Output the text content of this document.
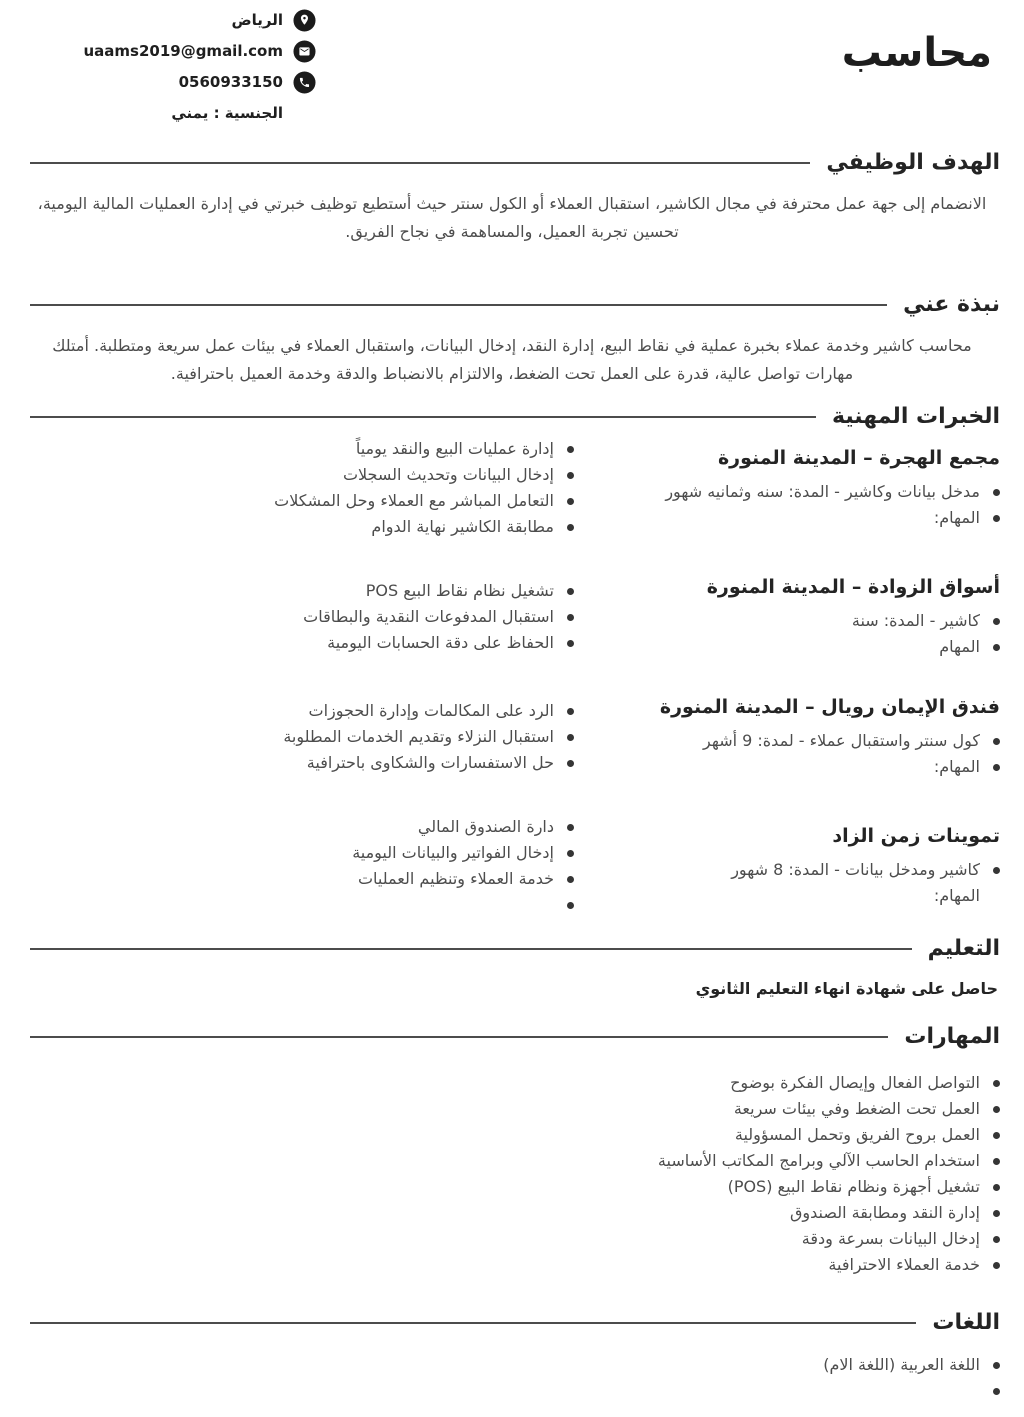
محاسب
الرياض
uaams2019@gmail.com
0560933150
الجنسية : يمني
الهدف الوظيفي

الانضمام إلى جهة عمل محترفة في مجال الكاشير، استقبال العملاء أو الكول سنتر حيث أستطيع توظيف خبرتي في إدارة العمليات المالية اليومية، تحسين تجربة العميل، والمساهمة في نجاح الفريق.

نبذة عني

محاسب كاشير وخدمة عملاء بخبرة عملية في نقاط البيع، إدارة النقد، إدخال البيانات، واستقبال العملاء في بيئات عمل سريعة ومتطلبة. أمتلك مهارات تواصل عالية، قدرة على العمل تحت الضغط، والالتزام بالانضباط والدقة وخدمة العميل باحترافية.

الخبرات المهنية
مجمع الهجرة – المدينة المنورة
مدخل بيانات وكاشير - المدة: سنه وثمانيه شهور
المهام:
إدارة عمليات البيع والنقد يومياً
إدخال البيانات وتحديث السجلات
التعامل المباشر مع العملاء وحل المشكلات
مطابقة الكاشير نهاية الدوام
أسواق الزوادة – المدينة المنورة
كاشير - المدة: سنة
المهام
تشغيل نظام نقاط البيع POS
استقبال المدفوعات النقدية والبطاقات
الحفاظ على دقة الحسابات اليومية
فندق الإيمان رويال – المدينة المنورة
كول سنتر واستقبال عملاء - لمدة: 9 أشهر
المهام:
الرد على المكالمات وإدارة الحجوزات
استقبال النزلاء وتقديم الخدمات المطلوبة
حل الاستفسارات والشكاوى باحترافية
تموينات زمن الزاد
كاشير ومدخل بيانات - المدة: 8 شهور
المهام:
دارة الصندوق المالي
إدخال الفواتير والبيانات اليومية
خدمة العملاء وتنظيم العمليات
التعليم

حاصل على شهادة انهاء التعليم الثانوي

المهارات
التواصل الفعال وإيصال الفكرة بوضوح
العمل تحت الضغط وفي بيئات سريعة
العمل بروح الفريق وتحمل المسؤولية
استخدام الحاسب الآلي وبرامج المكاتب الأساسية
تشغيل أجهزة ونظام نقاط البيع (POS)
إدارة النقد ومطابقة الصندوق
إدخال البيانات بسرعة ودقة
خدمة العملاء الاحترافية
اللغات
اللغة العربية (اللغة الام)
